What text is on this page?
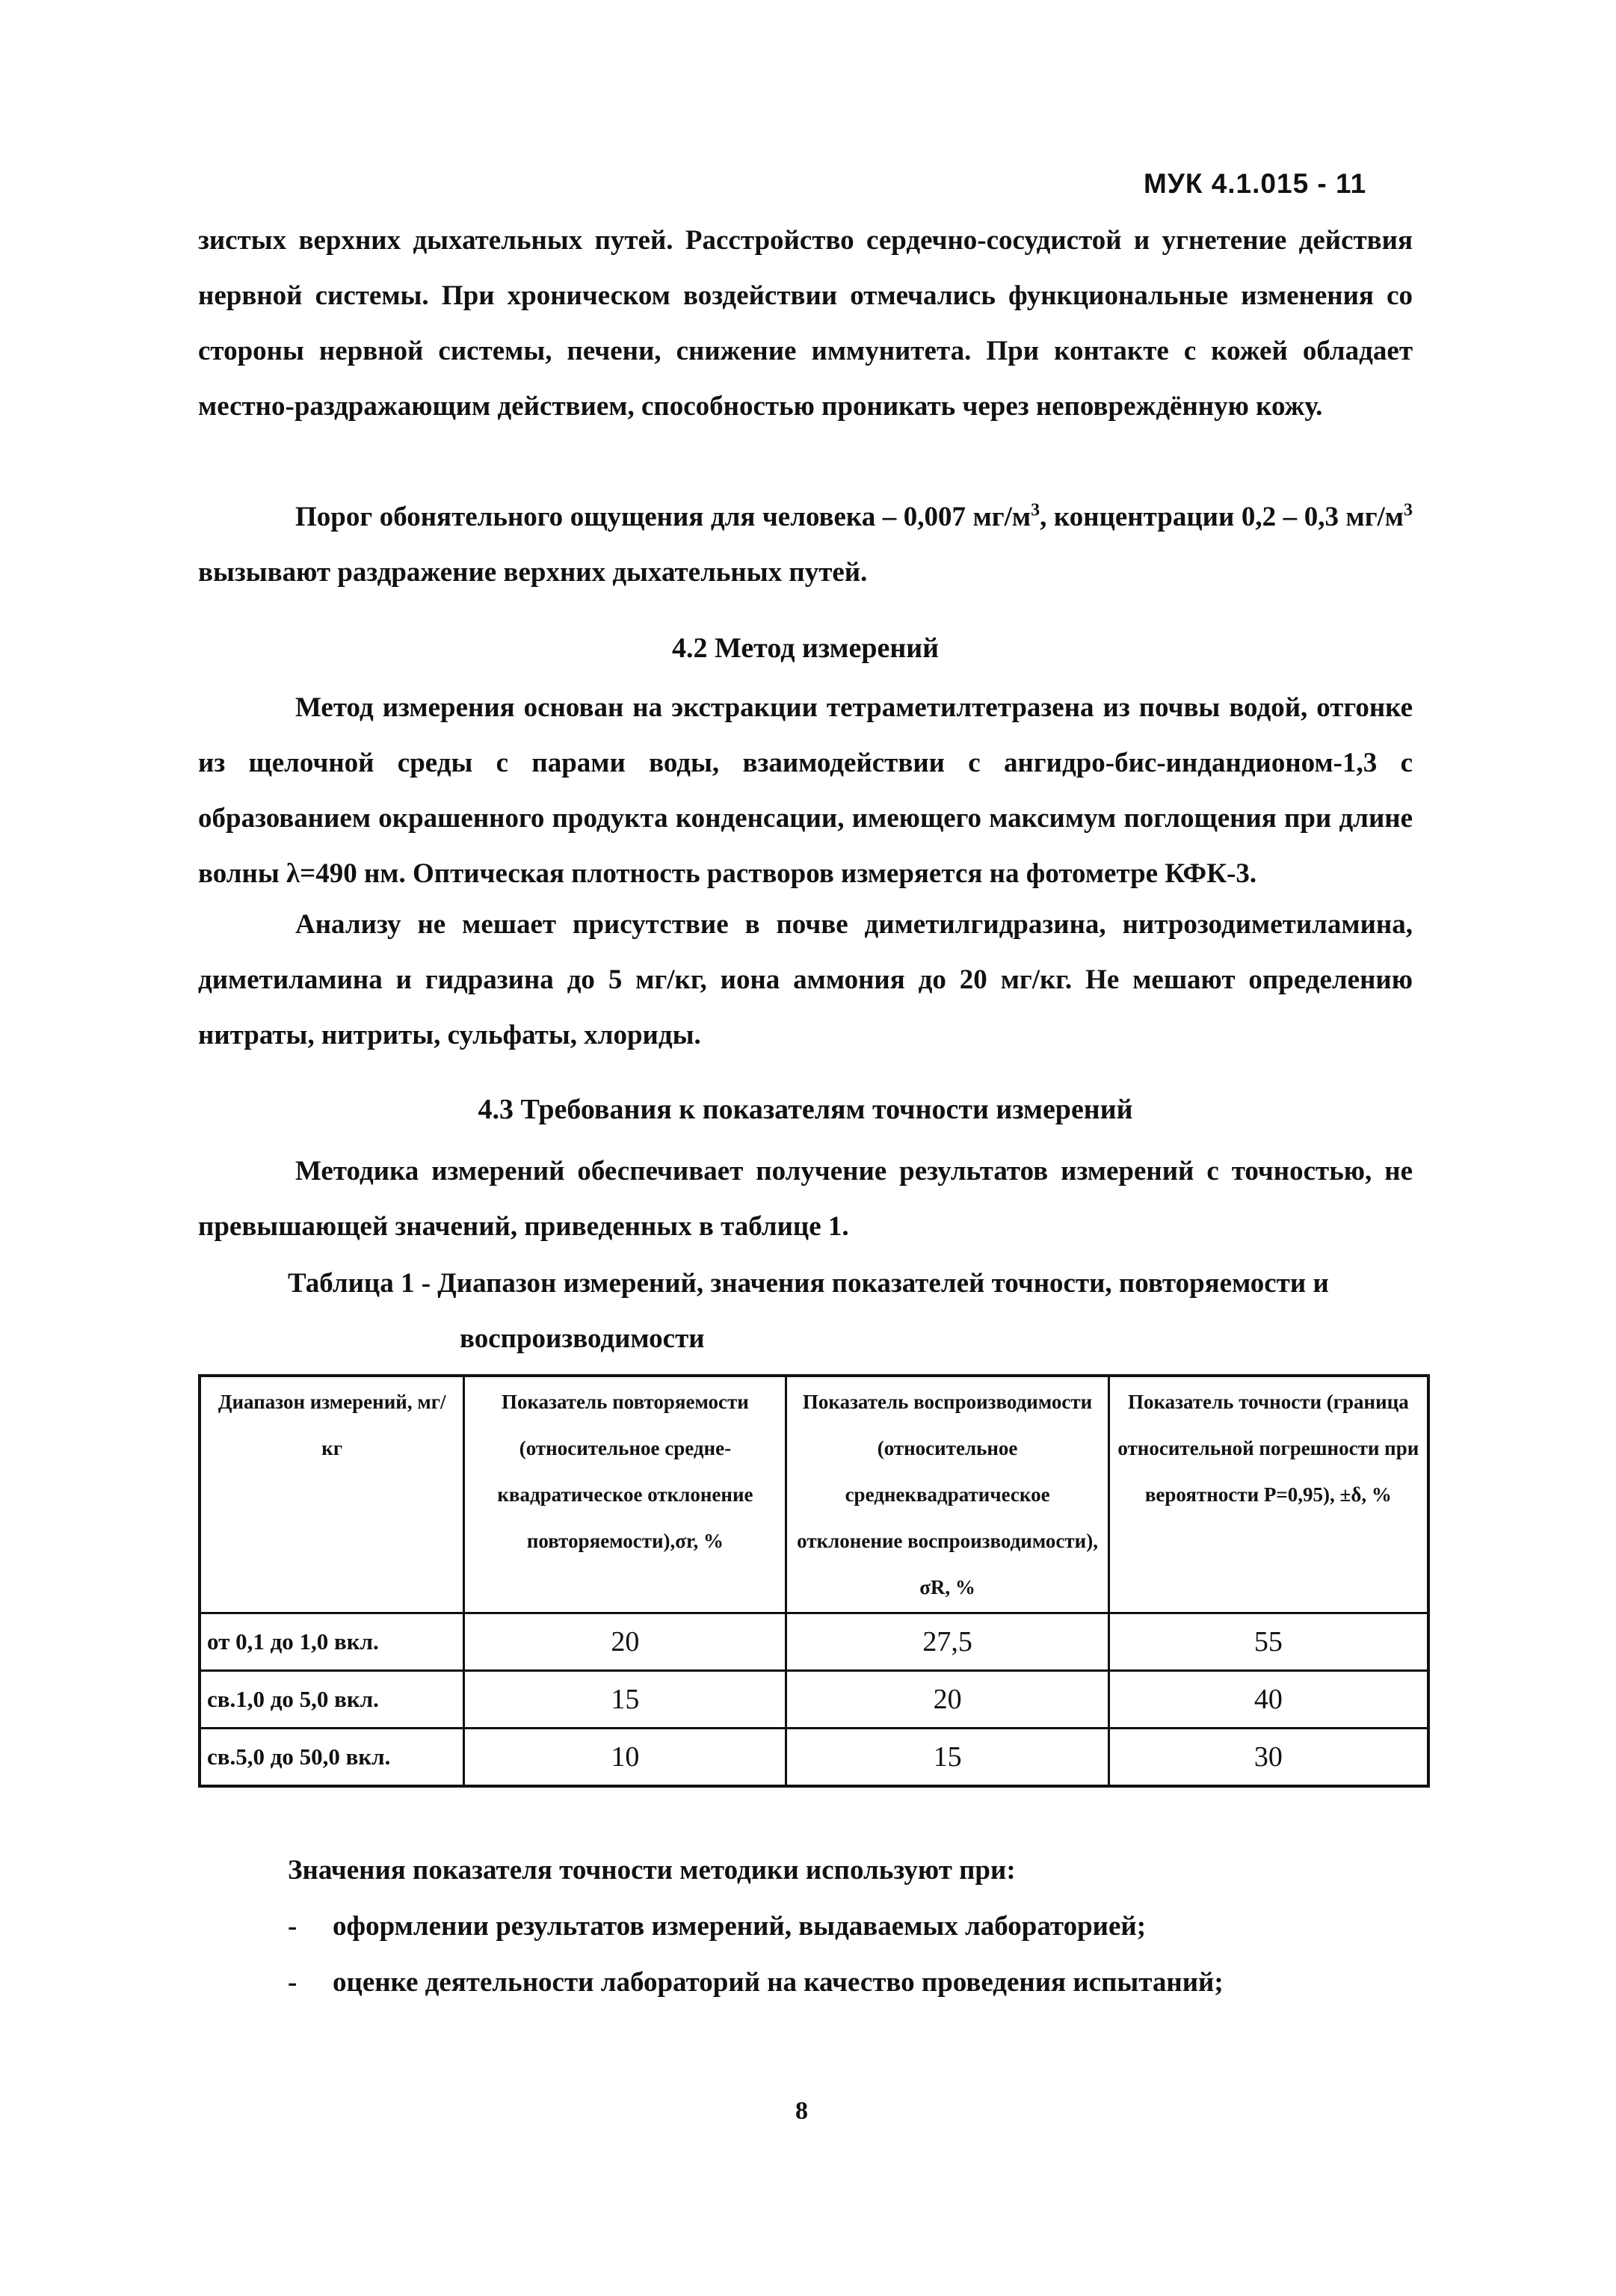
МУК 4.1.015 - 11

зистых верхних дыхательных путей. Расстройство сердечно-сосудистой и угнетение действия нервной системы. При хроническом воздействии отмечались функциональные изменения со стороны нервной системы, печени, снижение иммунитета. При контакте с кожей обладает местно-раздражающим действием, способностью проникать через неповреждённую кожу.

Порог обонятельного ощущения для человека – 0,007 $мг/м^3$, концентрации 0,2 – 0,3 $мг/м^3$ вызывают раздражение верхних дыхательных путей.

4.2 Метод измерений

Метод измерения основан на экстракции тетраметилтетразена из почвы водой, отгонке из щелочной среды с парами воды, взаимодействии с ангидро-бис-индандионом-1,3 с образованием окрашенного продукта конденсации, имеющего максимум поглощения при длине волны λ=490 нм. Оптическая плотность растворов измеряется на фотометре КФК-3.

Анализу не мешает присутствие в почве диметилгидразина, нитрозодиметиламина, диметиламина и гидразина до 5 мг/кг, иона аммония до 20 мг/кг. Не мешают определению нитраты, нитриты, сульфаты, хлориды.

4.3 Требования к показателям точности измерений

Методика измерений обеспечивает получение результатов измерений с точностью, не превышающей значений, приведенных в таблице 1.

Таблица 1 - Диапазон измерений, значения показателей точности, повторяемости и
воспроизводимости

Диапазон измерений, мг/кг	Показатель повторяемости (относительное средне-квадратическое отклонение повторяемости),σr, %	Показатель воспроизводимости (относительное среднеквадратическое отклонение воспроизводимости), σR, %	Показатель точности (граница относительной погрешности при вероятности P=0,95), ±δ, %
от 0,1 до 1,0 вкл.	20	27,5	55
св.1,0 до 5,0 вкл.	15	20	40
св.5,0 до 50,0 вкл.	10	15	30

Значения показателя точности методики используют при:

- оформлении результатов измерений, выдаваемых лабораторией;

- оценке деятельности лабораторий на качество проведения испытаний;

8
